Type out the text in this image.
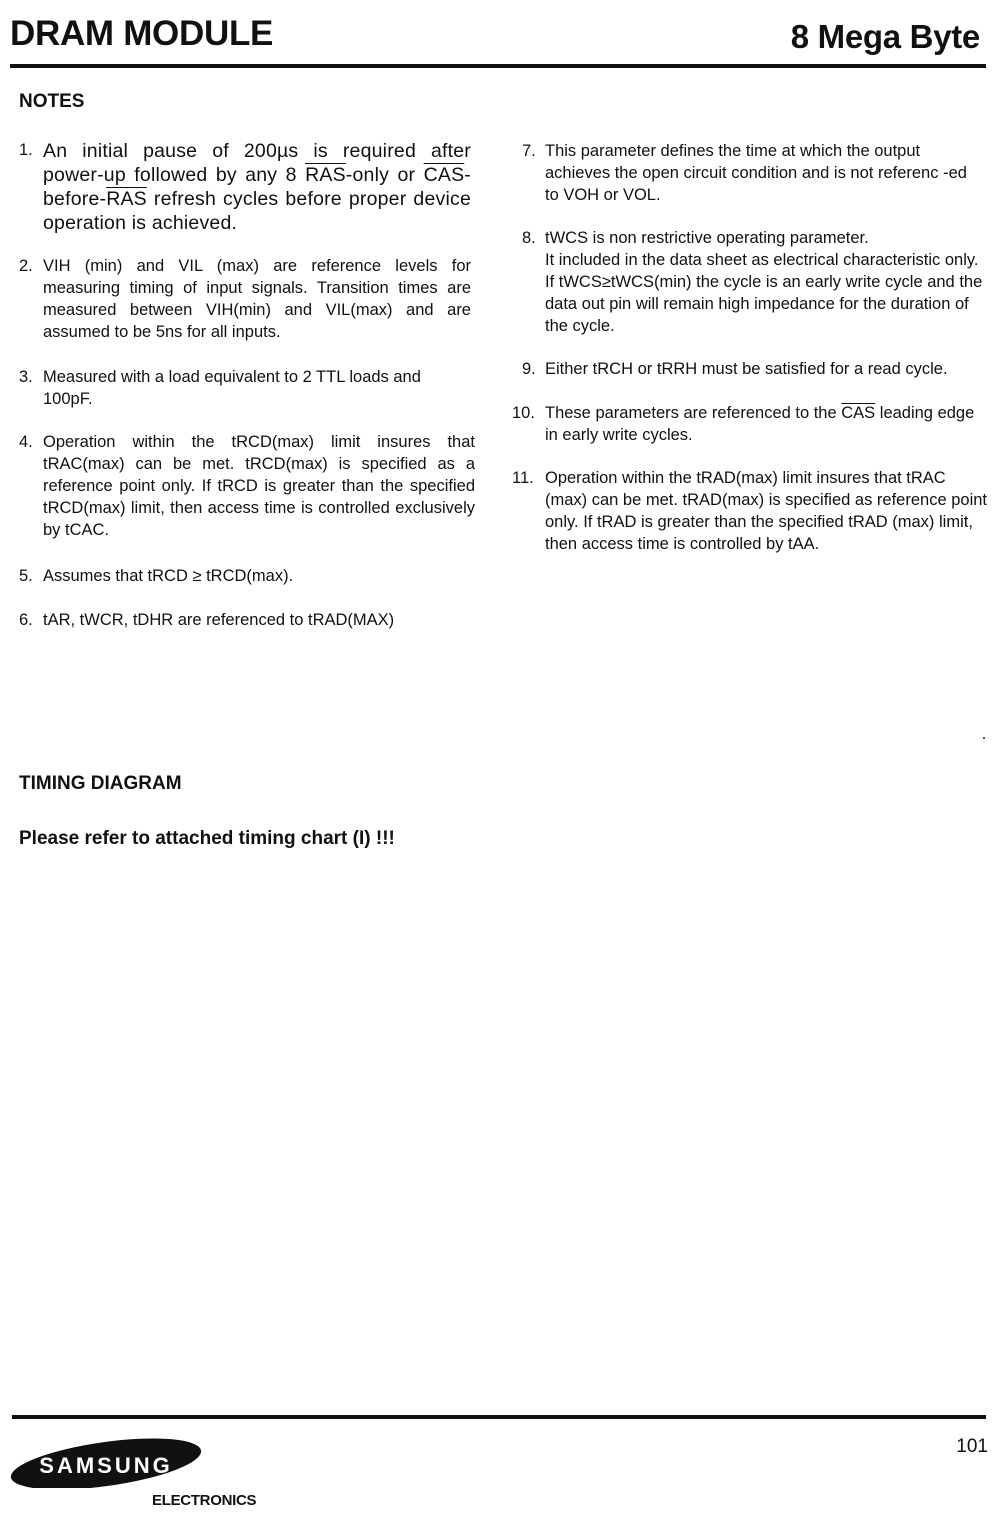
DRAM MODULE	8 Mega Byte
NOTES
1. An initial pause of 200µs is required after power-up followed by any 8 $\overline{RAS}$-only or $\overline{CAS}-before-\overline{RAS}$ refresh cycles before proper device operation is achieved.
2. VIH (min) and VIL (max) are reference levels for measuring timing of input signals. Transition times are measured between VIH(min) and VIL(max) and are assumed to be 5ns for all inputs.
3. Measured with a load equivalent to 2 TTL loads and 100pF.
4. Operation within the tRCD(max) limit insures that tRAC(max) can be met. tRCD(max) is specified as a reference point only. If tRCD is greater than the specified tRCD(max) limit, then access time is controlled exclusively by tCAC.
5. Assumes that tRCD ≥ tRCD(max).
6. tAR, tWCR, tDHR are referenced to tRAD(MAX)
7. This parameter defines the time at which the output achieves the open circuit condition and is not referenc -ed to VOH or VOL.
8. tWCS is non restrictive operating parameter.
It included in the data sheet as electrical characteristic only. If tWCS≥tWCS(min) the cycle is an early write cycle and the data out pin will remain high impedance for the duration of the cycle.
9. Either tRCH or tRRH must be satisfied for a read cycle.
10. These parameters are referenced to the $\overline{CAS}$ leading edge in early write cycles.
11. Operation within the tRAD(max) limit insures that tRAC (max) can be met. tRAD(max) is specified as reference point only. If tRAD is greater than the specified tRAD (max) limit, then access time is controlled by tAA.
TIMING DIAGRAM
Please refer to attached timing chart (I) !!!
101
SAMSUNG
ELECTRONICS
